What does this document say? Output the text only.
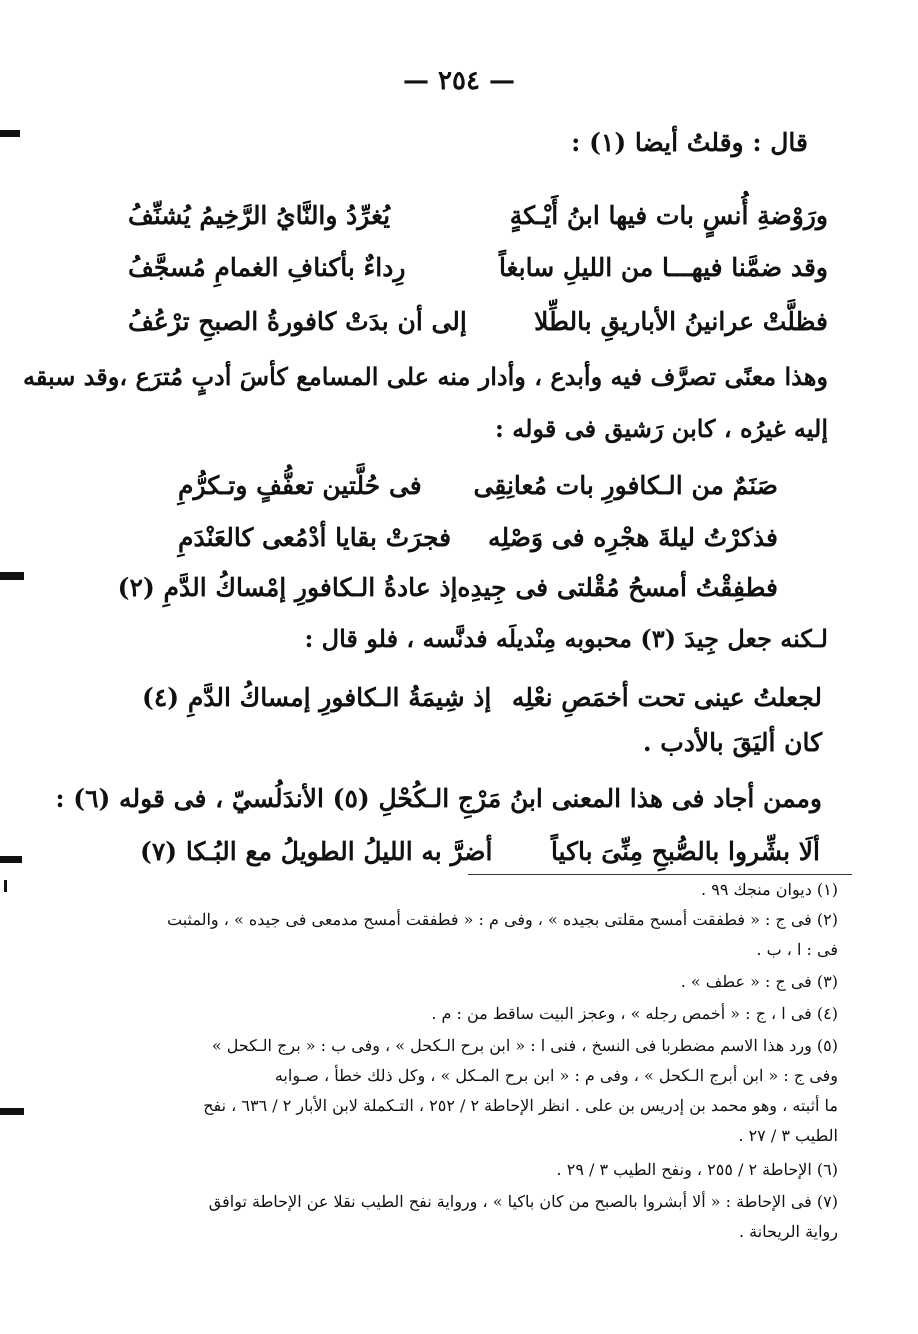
— ٢٥٤ —
قال : وقلتُ أيضا (١) :
ورَوْضةِ أُنسٍ بات فيها ابنُ أَيْـكةٍ
يُغرِّدُ والنَّايُ الرَّخِيمُ يُشنِّفُ
وقد ضمَّنا فيهـــا من الليلِ سابغاً
رِداءٌ بأكنافِ الغمامِ مُسجَّفُ
فظلَّتْ عرانينُ الأباريقِ بالطِّلا
إلى أن بدَتْ كافورةُ الصبحِ ترْعُفُ
وهذا معنًى تصرَّف فيه وأبدع ، وأدار منه على المسامع كأسَ أدبٍ مُترَع ،وقد سبقه
إليه غيرُه ، كابن رَشيق فى قوله :
صَنَمٌ من الـكافورِ بات مُعانِقِى
فى حُلَّتين تعفُّفٍ وتـكرُّمِ
فذكرْتُ ليلةَ هجْرِه فى وَصْلِه
فجرَتْ بقايا أدْمُعى كالعَنْدَمِ
فطفِقْتُ أمسحُ مُقْلتى فى جِيدِه
إذ عادةُ الـكافورِ إمْساكُ الدَّمِ (٢)
لـكنه جعل جِيدَ (٣) محبوبه مِنْديلَه فدنَّسه ، فلو قال :
لجعلتُ عينى تحت أخمَصِ نعْلِه
إذ شِيمَةُ الـكافورِ إمساكُ الدَّمِ (٤)
كان أليَقَ بالأدب .
وممن أجاد فى هذا المعنى ابنُ مَرْجِ الـكُحْلِ (٥) الأندَلُسيّ ، فى قوله (٦) :
ألَا بشِّروا بالصُّبحِ مِنِّىَ باكياً
أضرَّ به الليلُ الطويلُ مع البُـكا (٧)
(١) ديوان منجك ٩٩ .
(٢) فى ج : « فطفقت أمسح مقلتى بجيده » ، وفى م : « فطفقت أمسح مدمعى فى جيده » ، والمثبت
فى : ا ، ب .
(٣) فى ج : « عطف » .
(٤) فى ا ، ج : « أخمص رجله » ، وعجز البيت ساقط من : م .
(٥) ورد هذا الاسم مضطربا فى النسخ ، فنى ا : « ابن برح الـكحل » ، وفى ب : « برج الـكحل »
وفى ج : « ابن أبرج الـكحل » ، وفى م : « ابن برح المـكل » ، وكل ذلك خطأ ، صـوابه
ما أثبته ، وهو محمد بن إدريس بن على . انظر الإحاطة ٢ / ٢٥٢ ، التـكملة لابن الأبار ٢ / ٦٣٦ ، نفح
الطيب ٣ / ٢٧ .
(٦) الإحاطة ٢ / ٢٥٥ ، ونفح الطيب ٣ / ٢٩ .
(٧) فى الإحاطة : « ألا أبشروا بالصبح من كان باكيا » ، ورواية نفح الطيب نقلا عن الإحاطة توافق
رواية الريحانة .
